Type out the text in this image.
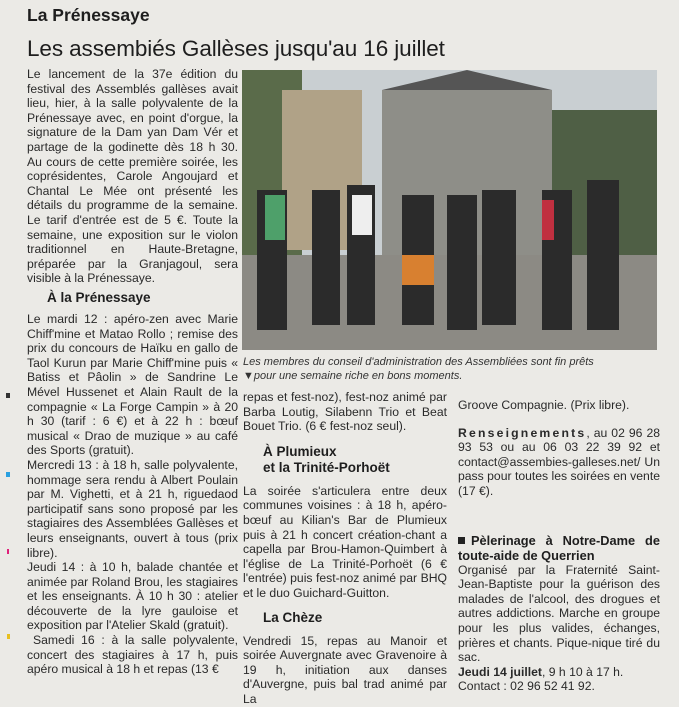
La Prénessaye
Les assembiés Gallèses jusqu'au 16 juillet

Le lancement de la 37e édition du festival des Assemblés gallèses avait lieu, hier, à la salle polyvalente de la Prénessaye avec, en point d'orgue, la signature de la Dam yan Dam Vér et partage de la godinette dès 18 h 30. Au cours de cette première soirée, les coprésidentes, Carole Angoujard et Chantal Le Mée ont présenté les détails du programme de la semaine. Le tarif d'entrée est de 5 €. Toute la semaine, une exposition sur le violon traditionnel en Haute-Bretagne, préparée par la Granjagoul, sera visible à la Prénessaye.

À la Prénessaye

Le mardi 12 : apéro-zen avec Marie Chiff'mine et Matao Rollo ; remise des prix du concours de Haïku en gallo de Taol Kurun par Marie Chiff'mine puis « Batiss et Pâolin » de Sandrine Le Mével Hussenet et Alain Rault de la compagnie « La Forge Campin » à 20 h 30 (tarif : 6 €) et à 22 h : bœuf musical « Drao de muzique » au café des Sports (gratuit).

Mercredi 13 : à 18 h, salle polyvalente, hommage sera rendu à Albert Poulain par M. Vighetti, et à 21 h, riguedaod participatif sans sono proposé par les stagiaires des Assemblées Gallèses et leurs enseignants, ouvert à tous (prix libre).

Jeudi 14 : à 10 h, balade chantée et animée par Roland Brou, les stagiaires et les enseignants. À 10 h 30 : atelier découverte de la lyre gauloise et exposition par l'Atelier Skald (gratuit).

Samedi 16 : à la salle polyvalente, concert des stagiaires à 17 h, puis apéro musical à 18 h et repas (13 €

Les membres du conseil d'administration des Assembliées sont fin prêts
▼pour une semaine riche en bons moments.

repas et fest-noz), fest-noz animé par Barba Loutig, Silabenn Trio et Beat Bouet Trio. (6 € fest-noz seul).

À Plumieux
et la Trinité-Porhoët

La soirée s'articulera entre deux communes voisines : à 18 h, apéro-bœuf au Kilian's Bar de Plumieux puis à 21 h concert création-chant a capella par Brou-Hamon-Quimbert à l'église de La Trinité-Porhoët (6 € l'entrée) puis fest-noz animé par BHQ et le duo Guichard-Guitton.

La Chèze

Vendredi 15, repas au Manoir et soirée Auvergnate avec Gravenoire à 19 h, initiation aux danses d'Auvergne, puis bal trad animé par La

Groove Compagnie. (Prix libre).

Renseignements, au 02 96 28 93 53 ou au 06 03 22 39 92 et contact@assembies-galleses.net/ Un pass pour toutes les soirées en vente (17 €).

Pèlerinage à Notre-Dame de toute-aide de Querrien

Organisé par la Fraternité Saint-Jean-Baptiste pour la guérison des malades de l'alcool, des drogues et autres addictions. Marche en groupe pour les plus valides, échanges, prières et chants. Pique-nique tiré du sac.

Jeudi 14 juillet, 9 h 10 à 17 h.

Contact : 02 96 52 41 92.
